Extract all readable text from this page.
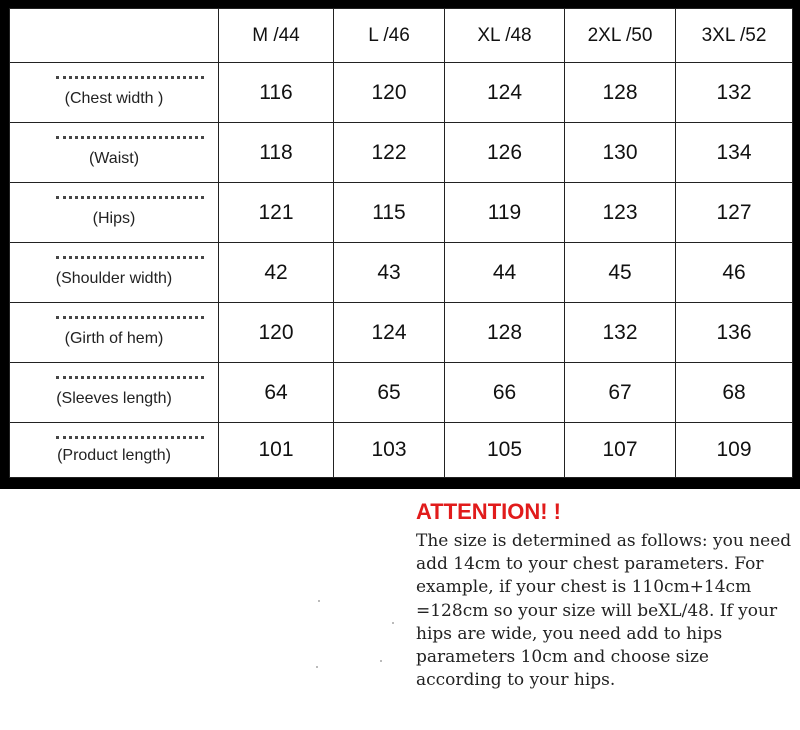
	M /44	L /46	XL /48	2XL /50	3XL /52

(Chest width )	116	120	124	128	132

(Waist)	118	122	126	130	134

(Hips)	121	115	119	123	127

(Shoulder width)	42	43	44	45	46

(Girth of hem)	120	124	128	132	136

(Sleeves length)	64	65	66	67	68

(Product length)	101	103	105	107	109
ATTENTION! !

The size is determined as follows: you need add 14cm to your chest parameters. For example, if your chest is 110cm+14cm =128cm so your size will beXL/48. If your hips are wide, you need add to hips parameters 10cm and choose size according to your hips.
